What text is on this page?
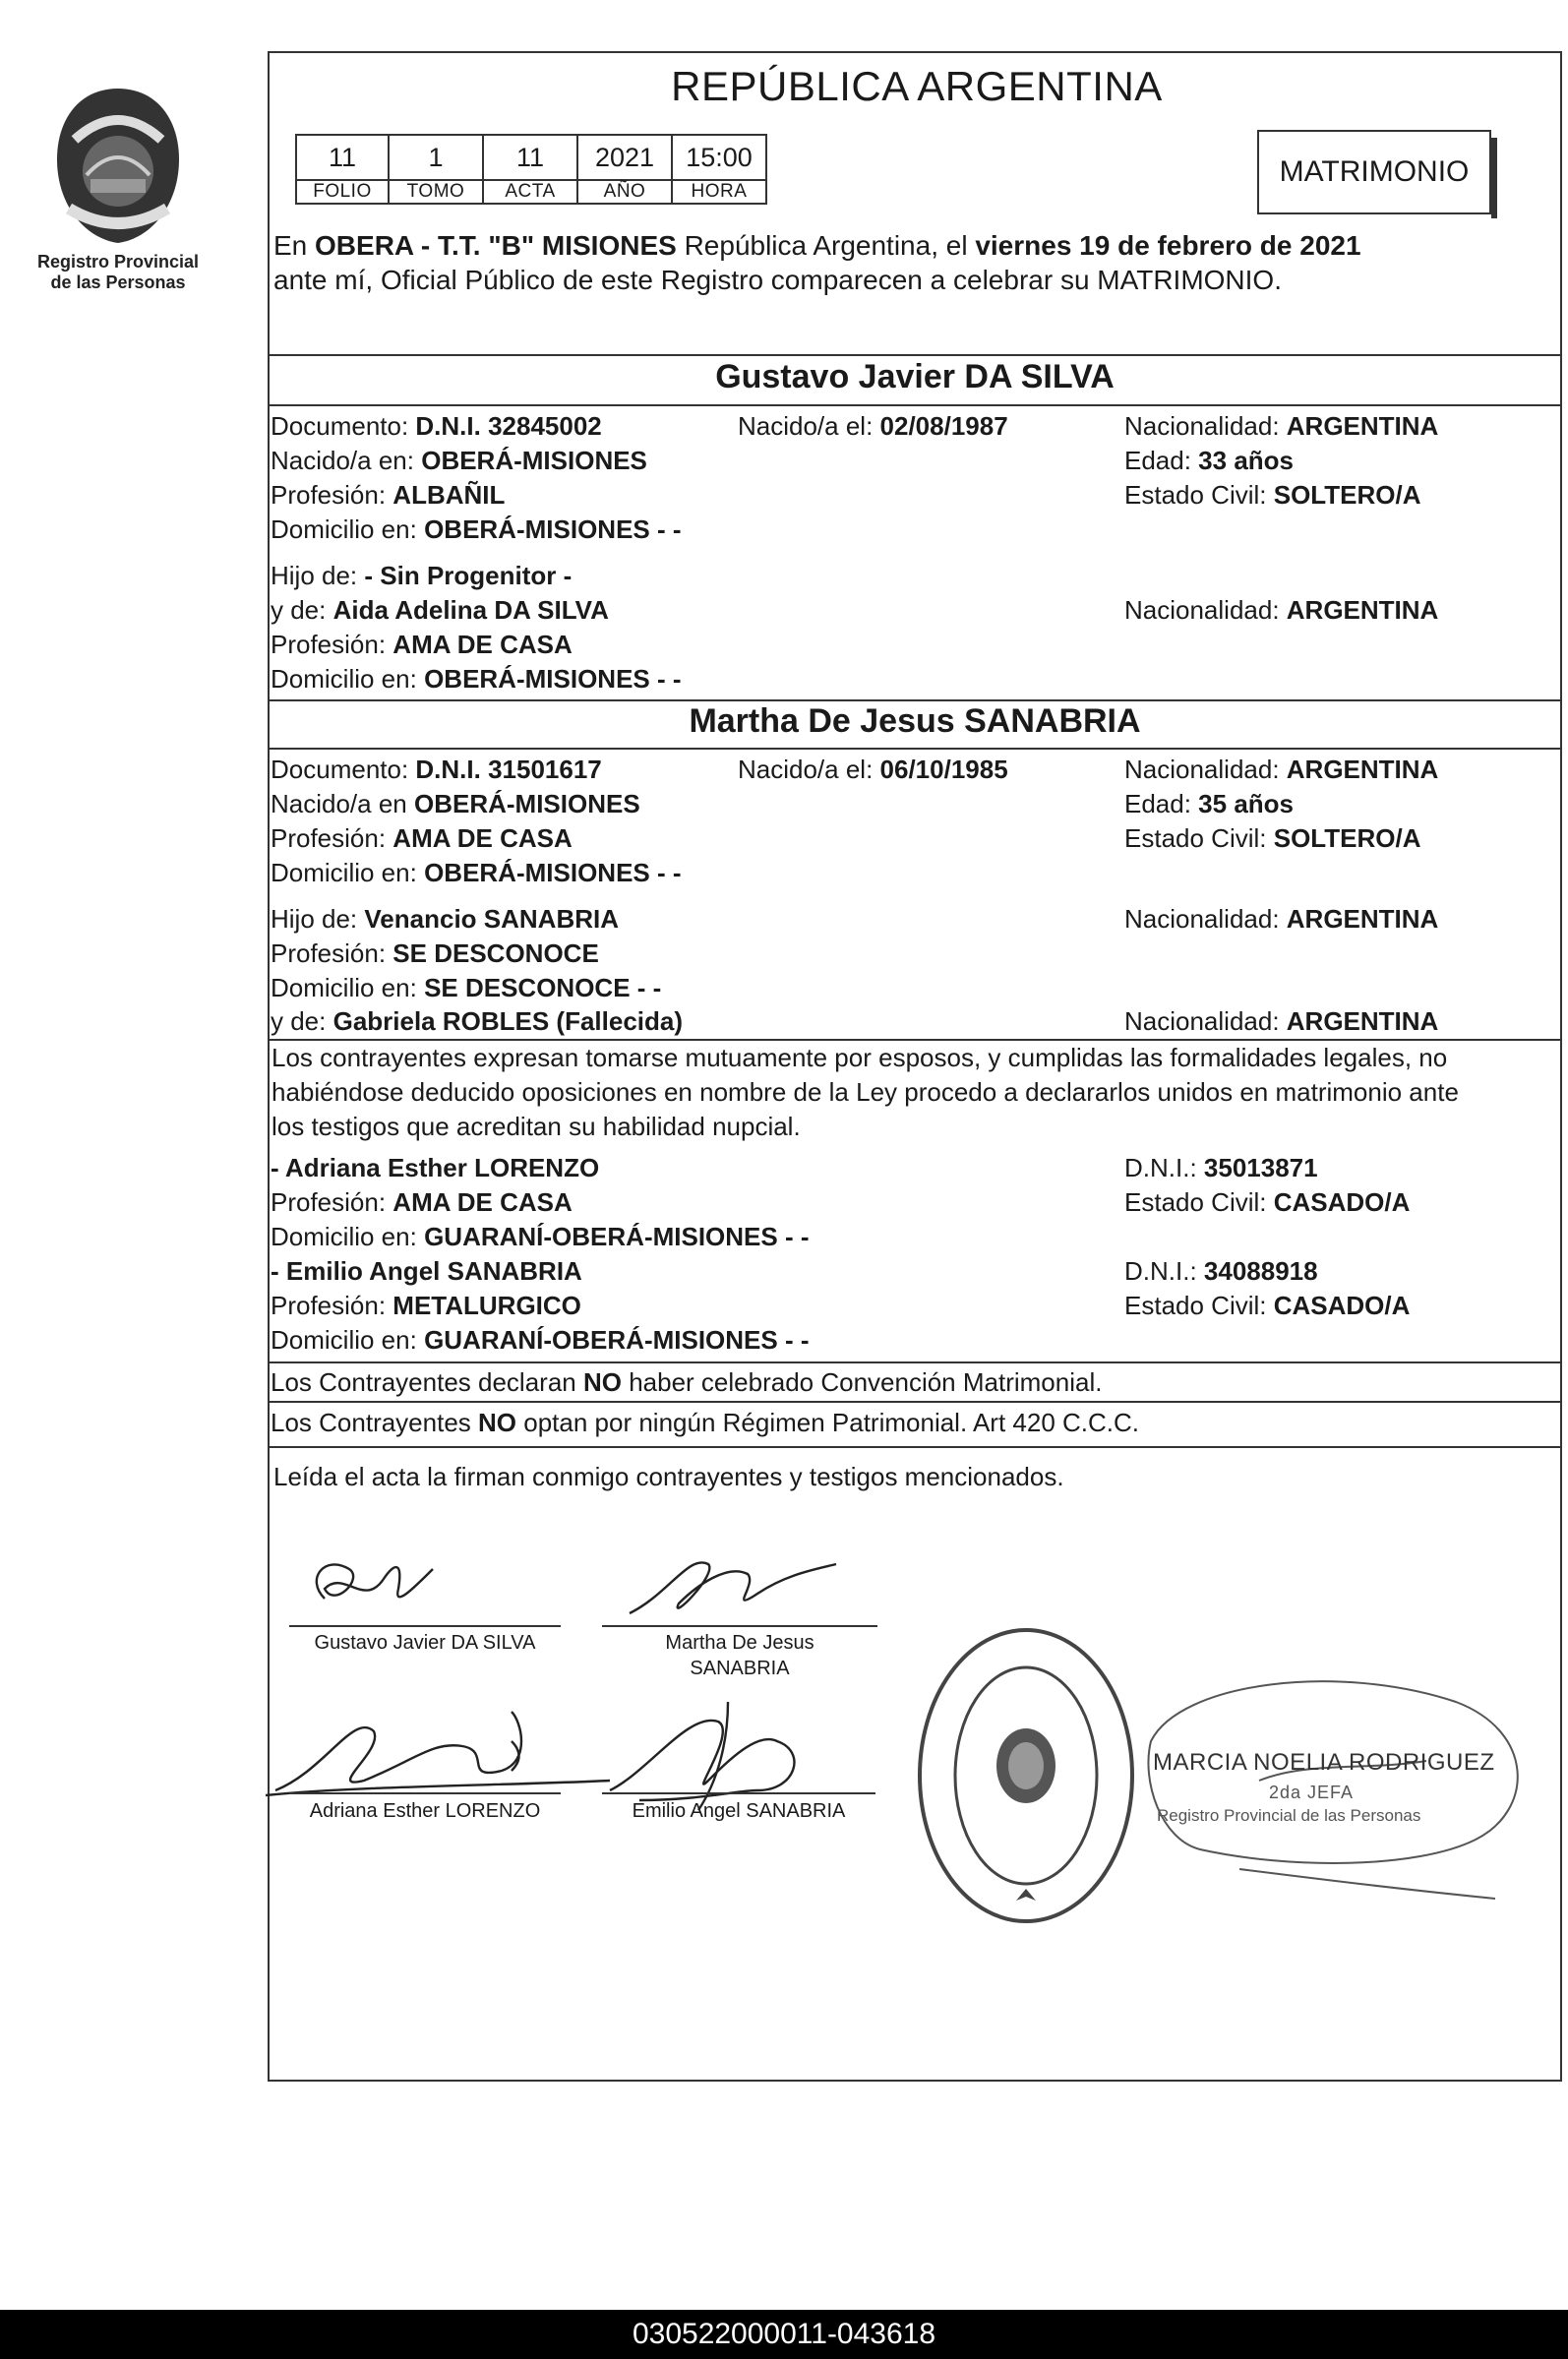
Registro Provincial
de las Personas
REPÚBLICA ARGENTINA
11	1	11	2021	15:00
FOLIO	TOMO	ACTA	AÑO	HORA
MATRIMONIO
En OBERA - T.T. "B" MISIONES República Argentina, el viernes 19 de febrero de 2021
ante mí, Oficial Público de este Registro comparecen a celebrar su MATRIMONIO.
Gustavo Javier DA SILVA
Documento: D.N.I. 32845002	Nacido/a el: 02/08/1987	Nacionalidad: ARGENTINA
Nacido/a en: OBERÁ-MISIONES	Edad: 33 años
Profesión: ALBAÑIL	Estado Civil: SOLTERO/A
Domicilio en: OBERÁ-MISIONES - -
Hijo de: - Sin Progenitor -
y de: Aida Adelina DA SILVA	Nacionalidad: ARGENTINA
Profesión: AMA DE CASA
Domicilio en: OBERÁ-MISIONES - -
Martha De Jesus SANABRIA
Documento: D.N.I. 31501617	Nacido/a el: 06/10/1985	Nacionalidad: ARGENTINA
Nacido/a en OBERÁ-MISIONES	Edad: 35 años
Profesión: AMA DE CASA	Estado Civil: SOLTERO/A
Domicilio en: OBERÁ-MISIONES - -
Hijo de: Venancio SANABRIA	Nacionalidad: ARGENTINA
Profesión: SE DESCONOCE
Domicilio en: SE DESCONOCE - -
y de: Gabriela ROBLES (Fallecida)	Nacionalidad: ARGENTINA
Los contrayentes expresan tomarse mutuamente por esposos, y cumplidas las formalidades legales, no
habiéndose deducido oposiciones en nombre de la Ley procedo a declararlos unidos en matrimonio ante
los testigos que acreditan su habilidad nupcial.
- Adriana Esther LORENZO	D.N.I.: 35013871
Profesión: AMA DE CASA	Estado Civil: CASADO/A
Domicilio en: GUARANÍ-OBERÁ-MISIONES - -
- Emilio Angel SANABRIA	D.N.I.: 34088918
Profesión: METALURGICO	Estado Civil: CASADO/A
Domicilio en: GUARANÍ-OBERÁ-MISIONES - -
Los Contrayentes declaran NO haber celebrado Convención Matrimonial.
Los Contrayentes NO optan por ningún Régimen Patrimonial. Art 420 C.C.C.
Leída el acta la firman conmigo contrayentes y testigos mencionados.
Gustavo Javier DA SILVA	Martha De Jesus
SANABRIA
Adriana Esther LORENZO	Emilio Angel SANABRIA
MARCIA NOELIA RODRIGUEZ
2da JEFA
Registro Provincial de las Personas
030522000011-043618
